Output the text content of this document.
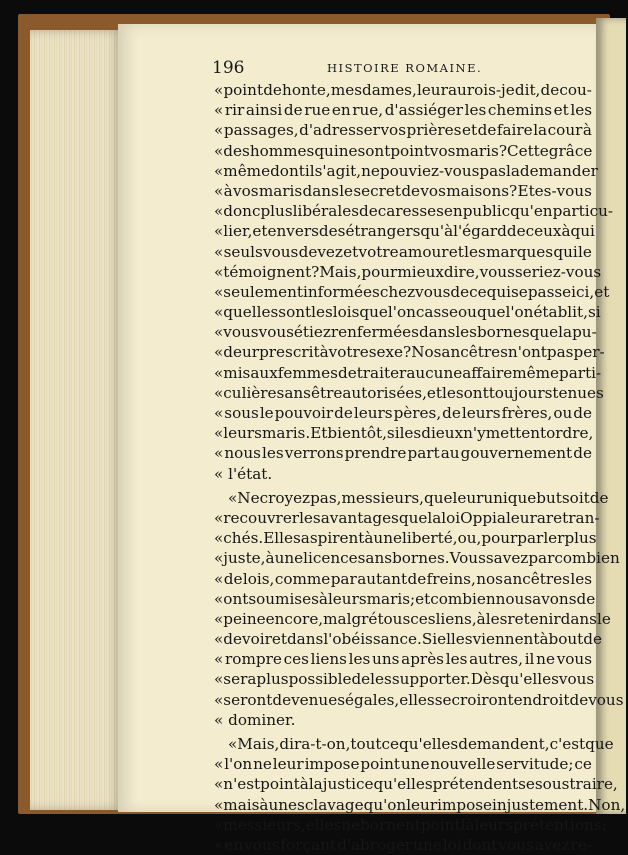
196	HISTOIRE ROMAINE.
« point de honte, mesdames, leur aurois-je dit, de cou-
« rir ainsi de rue en rue, d'assiéger les chemins et les
« passages, d'adresser vos prières et de faire la cour à
« des hommes qui ne sont point vos maris? Cette grâce
« même dont il s'agit, ne pouviez-vous pas la demander
« à vos maris dans le secret de vos maisons? Etes-vous
« donc plus libérales de caresses en public qu'en particu-
« lier, et envers des étrangers qu'à l'égard de ceux à qui
« seuls vous devez et votre amour et les marques qui le
« témoignent? Mais, pour mieux dire, vous seriez-vous
« seulement informées chez vous de ce qui se passe ici, et
« quelles sont les lois que l'on casse ou que l'on établit, si
« vous vous étiez renfermées dans les bornes que la pu-
« deur prescrit à votre sexe? Nos ancêtres n'ont pas per-
« mis aux femmes de traiter aucune affaire même parti-
« culière sans être autorisées, et les ont toujours tenues
« sous le pouvoir de leurs pères, de leurs frères, ou de
« leurs maris. Et bientôt, si les dieux n'y mettent ordre,
« nous les verrons prendre part au gouvernement de
« l'état.
« Ne croyez pas, messieurs, que leur unique but soit de
« recouvrer les avantages que la loi Oppia leur a retran-
« chés. Elles aspirent à une liberté, ou, pour parler plus
« juste, à une licence sans bornes. Vous savez par combien
« de lois, comme par autant de freins, nos ancêtres les
« ont soumises à leurs maris; et combien nous avons de
« peine encore, malgré tous ces liens, à les retenir dans le
« devoir et dans l'obéissance. Si elles viennent à bout de
« rompre ces liens les uns après les autres, il ne vous
« sera plus possible de les supporter. Dès qu'elles vous
« seront devenues égales, elles se croiront en droit de vous
« dominer.
« Mais, dira-t-on, tout ce qu'elles demandent, c'est que
« l'on ne leur impose point une nouvelle servitude; ce
« n'est point à la justice qu'elles prétendent se soustraire,
« mais à un esclavage qu'on leur impose injustement. Non,
« messieurs, elles ne bornent point là leurs prétentions:
« en vous forçant d'abroger une loi dont vous avez re-
